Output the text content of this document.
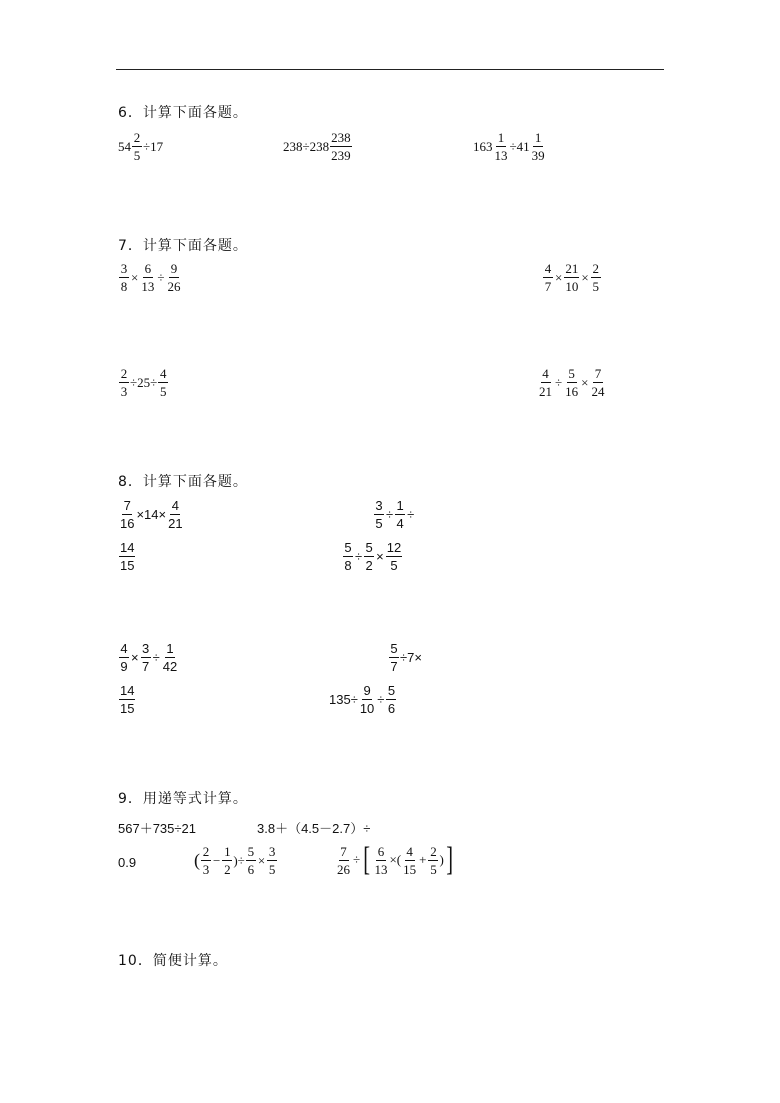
6．计算下面各题。
$54 \frac{2}{5} \div 17$	$238\div 238 \frac{238}{239}$	$163 \frac{1}{13} \div 41 \frac{1}{39}$
7．计算下面各题。
$\frac{3}{8} \times \frac{6}{13} \div \frac{9}{26}$	$\frac{4}{7} \times \frac{21}{10} \times \frac{2}{5}$
$\frac{2}{3} \div 25\div \frac{4}{5}$	$\frac{4}{21} \div \frac{5}{16} \times \frac{7}{24}$
8．计算下面各题。
$\frac{7}{16} \times 14\times \frac{4}{21}$
$\frac{14}{15}$
$\frac{3}{5} \div \frac{1}{4}$ ÷
$\frac{5}{8} \div \frac{5}{2} \times \frac{12}{5}$
$\frac{4}{9} \times \frac{3}{7} \div \frac{1}{42}$
$\frac{14}{15}$
$\frac{5}{7} \div 7\times$
$135\div \frac{9}{10} \div \frac{5}{6}$
9．用递等式计算。
567＋735÷21	3.8＋（4.5－2.7）÷
0.9	( $\frac{2}{3} - \frac{1}{2}$ )÷ $\frac{5}{6} \times \frac{3}{5}$	$\frac{7}{26}$ ÷ [ $\frac{6}{13}$ ×( $\frac{4}{15} + \frac{2}{5}$ ) ]
10．简便计算。
